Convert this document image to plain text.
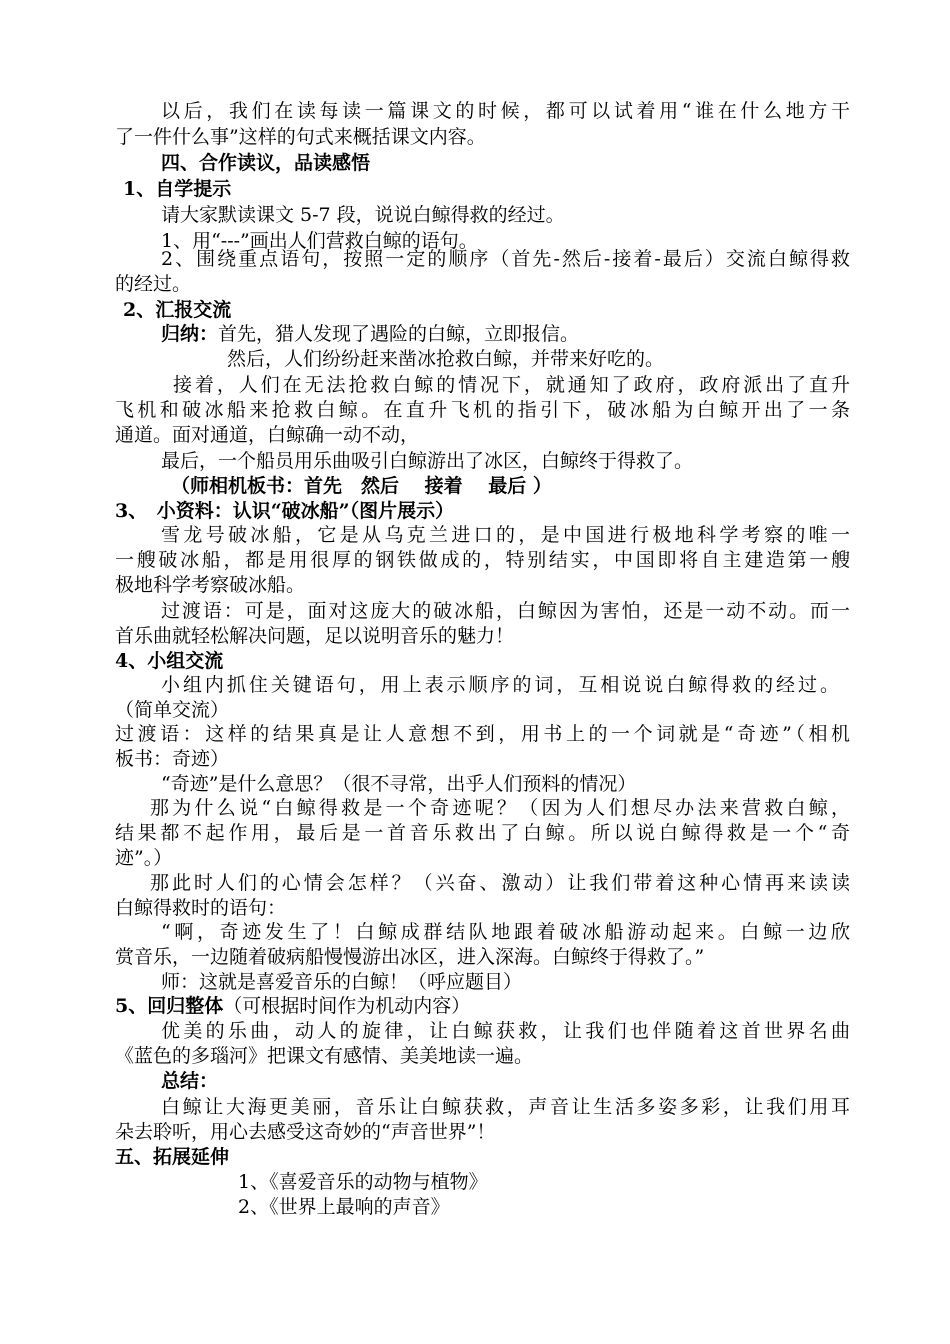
以后，我们在读每读一篇课文的时候，都可以试着用“谁在什么地方干
了一件什么事”这样的句式来概括课文内容。
四、合作读议，品读感悟
1、自学提示
请大家默读课文 5-7 段，说说白鲸得救的经过。
1、用“---”画出人们营救白鲸的语句。
2、围绕重点语句，按照一定的顺序（首先-然后-接着-最后）交流白鲸得救
的经过。
2、汇报交流
归纳：首先，猎人发现了遇险的白鲸，立即报信。
然后，人们纷纷赶来凿冰抢救白鲸，并带来好吃的。
接着，人们在无法抢救白鲸的情况下，就通知了政府，政府派出了直升
飞机和破冰船来抢救白鲸。在直升飞机的指引下，破冰船为白鲸开出了一条
通道。面对通道，白鲸确一动不动，
最后，一个船员用乐曲吸引白鲸游出了冰区，白鲸终于得救了。
（师相机板书：首先　然后　 接着　 最后 ）
3、　小资料：认识“破冰船”（图片展示）
雪龙号破冰船，它是从乌克兰进口的，是中国进行极地科学考察的唯一
一艘破冰船，都是用很厚的钢铁做成的，特别结实，中国即将自主建造第一艘
极地科学考察破冰船。
过渡语：可是，面对这庞大的破冰船，白鲸因为害怕，还是一动不动。而一
首乐曲就轻松解决问题，足以说明音乐的魅力！
4、小组交流
小组内抓住关键语句，用上表示顺序的词，互相说说白鲸得救的经过。
（简单交流）
过渡语：这样的结果真是让人意想不到，用书上的一个词就是“奇迹”（相机
板书：奇迹）
“奇迹”是什么意思？（很不寻常，出乎人们预料的情况）
那为什么说“白鲸得救是一个奇迹呢？（因为人们想尽办法来营救白鲸，
结果都不起作用，最后是一首音乐救出了白鲸。所以说白鲸得救是一个“奇
迹”。）
那此时人们的心情会怎样？（兴奋、激动）让我们带着这种心情再来读读
白鲸得救时的语句：
“啊，奇迹发生了！白鲸成群结队地跟着破冰船游动起来。白鲸一边欣
赏音乐，一边随着破病船慢慢游出冰区，进入深海。白鲸终于得救了。”
师：这就是喜爱音乐的白鲸！（呼应题目）
5、回归整体（可根据时间作为机动内容）
优美的乐曲，动人的旋律，让白鲸获救，让我们也伴随着这首世界名曲
《蓝色的多瑙河》把课文有感情、美美地读一遍。
总结：
白鲸让大海更美丽，音乐让白鲸获救，声音让生活多姿多彩，让我们用耳
朵去聆听，用心去感受这奇妙的“声音世界”！
五、拓展延伸
1、《喜爱音乐的动物与植物》
2、《世界上最响的声音》
